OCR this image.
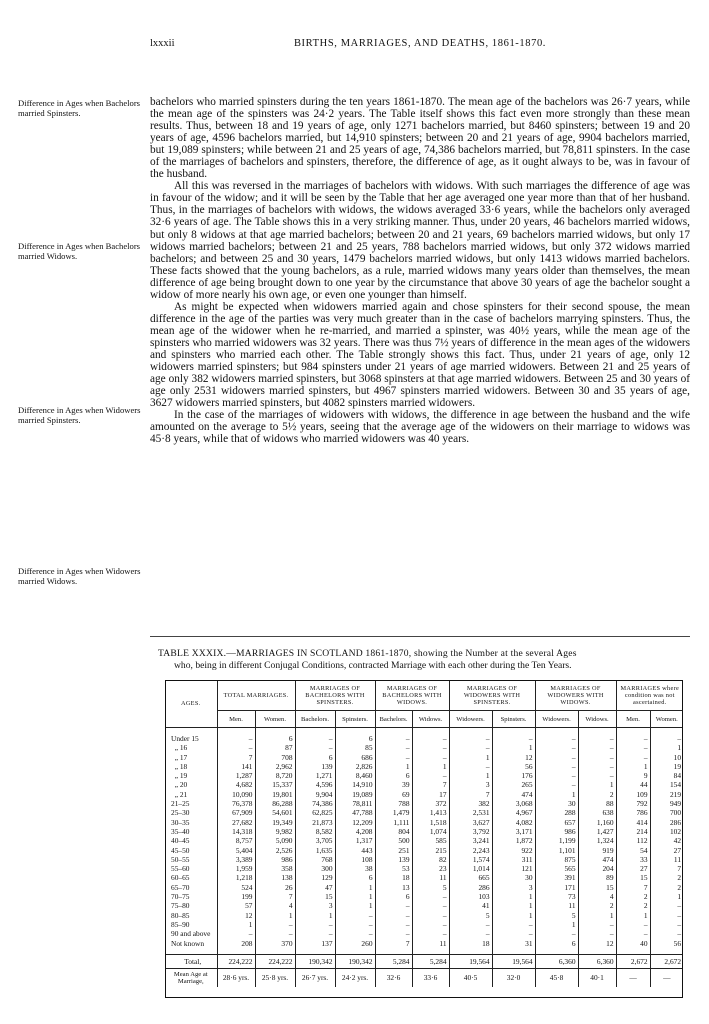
lxxxii	BIRTHS, MARRIAGES, AND DEATHS, 1861-1870.
Difference in Ages when Bachelors married Spinsters.
Difference in Ages when Bachelors married Widows.
Difference in Ages when Widowers married Spinsters.
Difference in Ages when Widowers married Widows.

bachelors who married spinsters during the ten years 1861-1870. The mean age of the bachelors was 26·7 years, while the mean age of the spinsters was 24·2 years. The Table itself shows this fact even more strongly than these mean results. Thus, between 18 and 19 years of age, only 1271 bachelors married, but 8460 spinsters; between 19 and 20 years of age, 4596 bachelors married, but 14,910 spinsters; between 20 and 21 years of age, 9904 bachelors married, but 19,089 spinsters; while between 21 and 25 years of age, 74,386 bachelors married, but 78,811 spinsters. In the case of the marriages of bachelors and spinsters, therefore, the difference of age, as it ought always to be, was in favour of the husband.

All this was reversed in the marriages of bachelors with widows. With such marriages the difference of age was in favour of the widow; and it will be seen by the Table that her age averaged one year more than that of her husband. Thus, in the marriages of bachelors with widows, the widows averaged 33·6 years, while the bachelors only averaged 32·6 years of age. The Table shows this in a very striking manner. Thus, under 20 years, 46 bachelors married widows, but only 8 widows at that age married bachelors; between 20 and 21 years, 69 bachelors married widows, but only 17 widows married bachelors; between 21 and 25 years, 788 bachelors married widows, but only 372 widows married bachelors; and between 25 and 30 years, 1479 bachelors married widows, but only 1413 widows married bachelors. These facts showed that the young bachelors, as a rule, married widows many years older than themselves, the mean difference of age being brought down to one year by the circumstance that above 30 years of age the bachelor sought a widow of more nearly his own age, or even one younger than himself.

As might be expected when widowers married again and chose spinsters for their second spouse, the mean difference in the age of the parties was very much greater than in the case of bachelors marrying spinsters. Thus, the mean age of the widower when he re-married, and married a spinster, was 40½ years, while the mean age of the spinsters who married widowers was 32 years. There was thus 7½ years of difference in the mean ages of the widowers and spinsters who married each other. The Table strongly shows this fact. Thus, under 21 years of age, only 12 widowers married spinsters; but 984 spinsters under 21 years of age married widowers. Between 21 and 25 years of age only 382 widowers married spinsters, but 3068 spinsters at that age married widowers. Between 25 and 30 years of age only 2531 widowers married spinsters, but 4967 spinsters married widowers. Between 30 and 35 years of age, 3627 widowers married spinsters, but 4082 spinsters married widowers.

In the case of the marriages of widowers with widows, the difference in age between the husband and the wife amounted on the average to 5½ years, seeing that the average age of the widowers on their marriage to widows was 45·8 years, while that of widows who married widowers was 40 years.

TABLE XXXIX.—MARRIAGES IN SCOTLAND 1861-1870, showing the Number at the several Ages
who, being in different Conjugal Conditions, contracted Marriage with each other during the Ten Years.
AGES.	TOTAL MARRIAGES.		MARRIAGES OF BACHELORS WITH SPINSTERS.		MARRIAGES OF BACHELORS WITH WIDOWS.		MARRIAGES OF WIDOWERS WITH SPINSTERS.		MARRIAGES OF WIDOWERS WITH WIDOWS.		MARRIAGES where condition was not ascertained.	
	Men.	Women.	Bachelors.	Spinsters.	Bachelors.	Widows.	Widowers.	Spinsters.	Widowers.	Widows.	Men.	Women.

Under 15	–	6	–	6	–	–	–	–	–	–	–	–
„ 16	–	87	–	85	–	–	–	1	–	–	–	1
„ 17	7	708	6	686	–	–	1	12	–	–	–	10
„ 18	141	2,962	139	2,826	1	1	–	56	–	–	1	19
„ 19	1,287	8,720	1,271	8,460	6	–	1	176	–	–	9	84
„ 20	4,682	15,337	4,596	14,910	39	7	3	265	–	1	44	154
„ 21	10,090	19,801	9,904	19,089	69	17	7	474	1	2	109	219
21–25	76,378	86,288	74,386	78,811	788	372	382	3,068	30	88	792	949
25–30	67,909	54,601	62,825	47,788	1,479	1,413	2,531	4,967	288	638	786	700
30–35	27,682	19,349	21,873	12,209	1,111	1,518	3,627	4,082	657	1,160	414	286
35–40	14,318	9,982	8,582	4,208	804	1,074	3,792	3,171	986	1,427	214	102
40–45	8,757	5,090	3,705	1,317	500	585	3,241	1,872	1,199	1,324	112	42
45–50	5,404	2,526	1,635	443	251	215	2,243	922	1,101	919	54	27
50–55	3,389	986	768	108	139	82	1,574	311	875	474	33	11
55–60	1,959	358	300	38	53	23	1,014	121	565	204	27	7
60–65	1,218	138	129	6	18	11	665	30	391	89	15	2
65–70	524	26	47	1	13	5	286	3	171	15	7	2
70–75	199	7	15	1	6	–	103	1	73	4	2	1
75–80	57	4	3	1	–	–	41	1	11	2	2	–
80–85	12	1	1	–	–	–	5	1	5	1	1	–
85–90	1	–	–	–	–	–	–	–	1	–	–	–
90 and above	–	–	–	–	–	–	–	–	–	–	–	–
Not known	208	370	137	260	7	11	18	31	6	12	40	56

Total,	224,222	224,222	190,342	190,342	5,284	5,284	19,564	19,564	6,360	6,360	2,672	2,672
Mean Age at Marriage,	28·6 yrs.	25·8 yrs.	26·7 yrs.	24·2 yrs.	32·6	33·6	40·5	32·0	45·8	40·1	—	—
